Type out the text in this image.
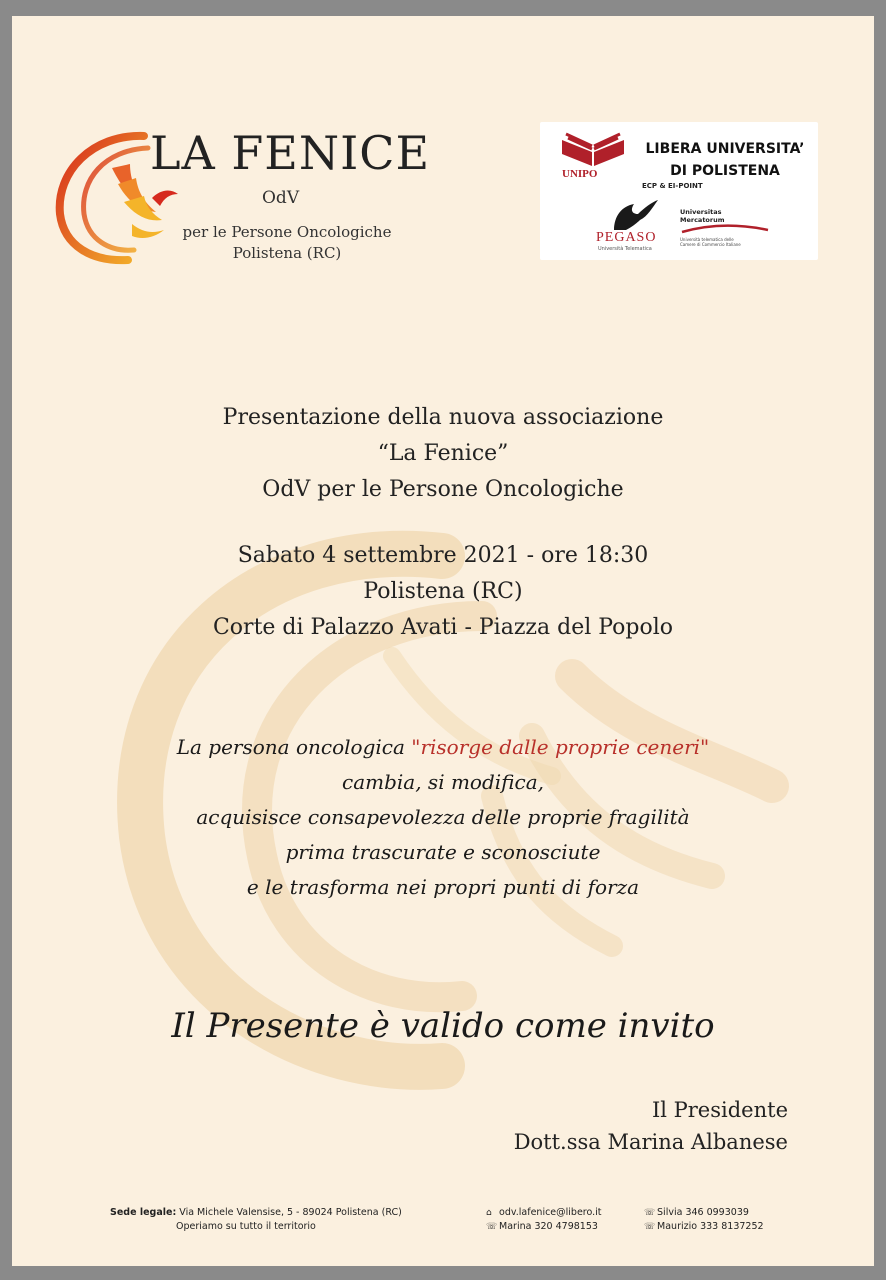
LA FENICE
OdV
per le Persone Oncologiche
Polistena (RC)
UNIPO
LIBERA UNIVERSITA’
DI POLISTENA
ECP & EI-POINT
PEGASO
Università Telematica
Universitas
Mercatorum
Università telematica delle Camere di Commercio Italiane
Presentazione della nuova associazione
“La Fenice”
OdV per le Persone Oncologiche
Sabato 4 settembre 2021 - ore 18:30
Polistena (RC)
Corte di Palazzo Avati - Piazza del Popolo
La persona oncologica "risorge dalle proprie ceneri"
cambia, si modifica,
acquisisce consapevolezza delle proprie fragilità
prima trascurate e sconosciute
e le trasforma nei propri punti di forza
Il Presente è valido come invito
Il Presidente
Dott.ssa Marina Albanese
Sede legale: Via Michele Valensise, 5 - 89024 Polistena (RC)
Operiamo su tutto il territorio
⌂ odv.lafenice@libero.it
☏ Marina 320 4798153
☏ Silvia 346 0993039
☏ Maurizio 333 8137252
